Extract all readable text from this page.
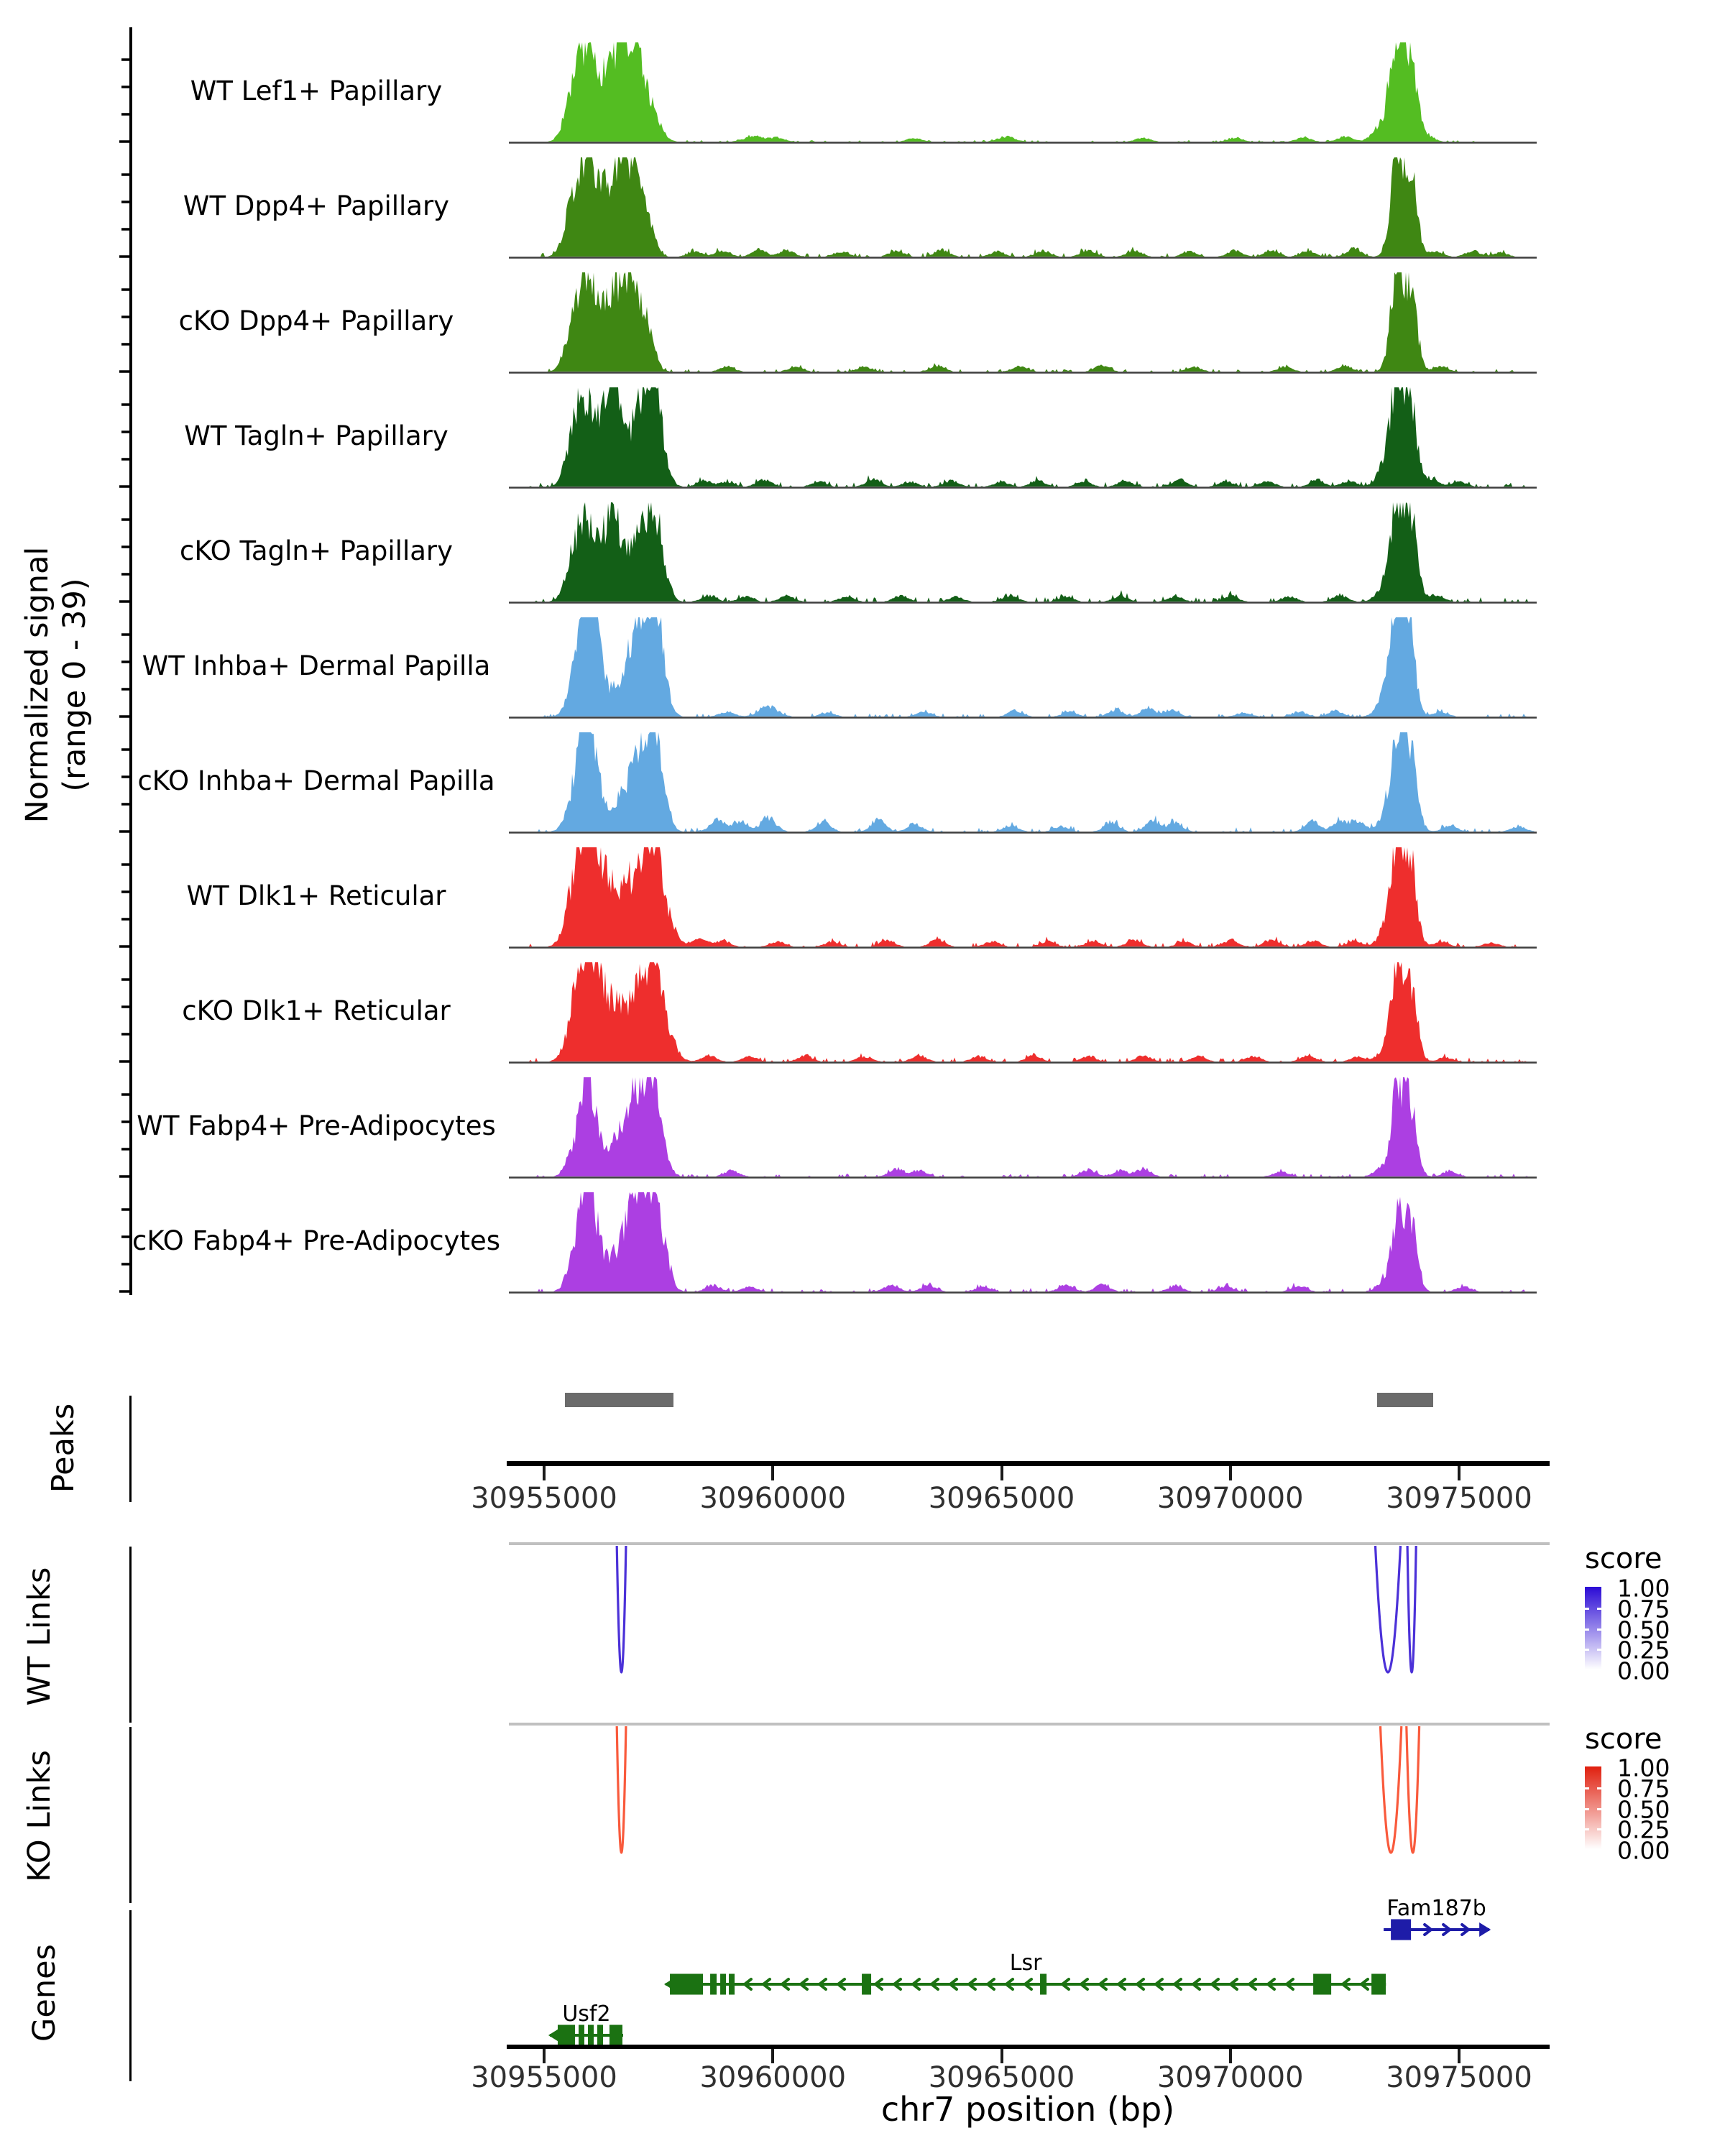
Normalized signal (range 0 - 39)
Peaks
WT Links
KO Links
Genes
WT Lef1+ Papillary
WT Dpp4+ Papillary
cKO Dpp4+ Papillary
WT Tagln+ Papillary
cKO Tagln+ Papillary
WT Inhba+ Dermal Papilla
cKO Inhba+ Dermal Papilla
WT Dlk1+ Reticular
cKO Dlk1+ Reticular
WT Fabp4+ Pre-Adipocytes
cKO Fabp4+ Pre-Adipocytes
30955000	30960000	30965000	30970000	30975000
score
1.00
0.75
0.50
0.25
0.00
score
1.00
0.75
0.50
0.25
0.00
Usf2
Lsr
Fam187b
30955000	30960000	30965000	30970000	30975000
chr7 position (bp)
